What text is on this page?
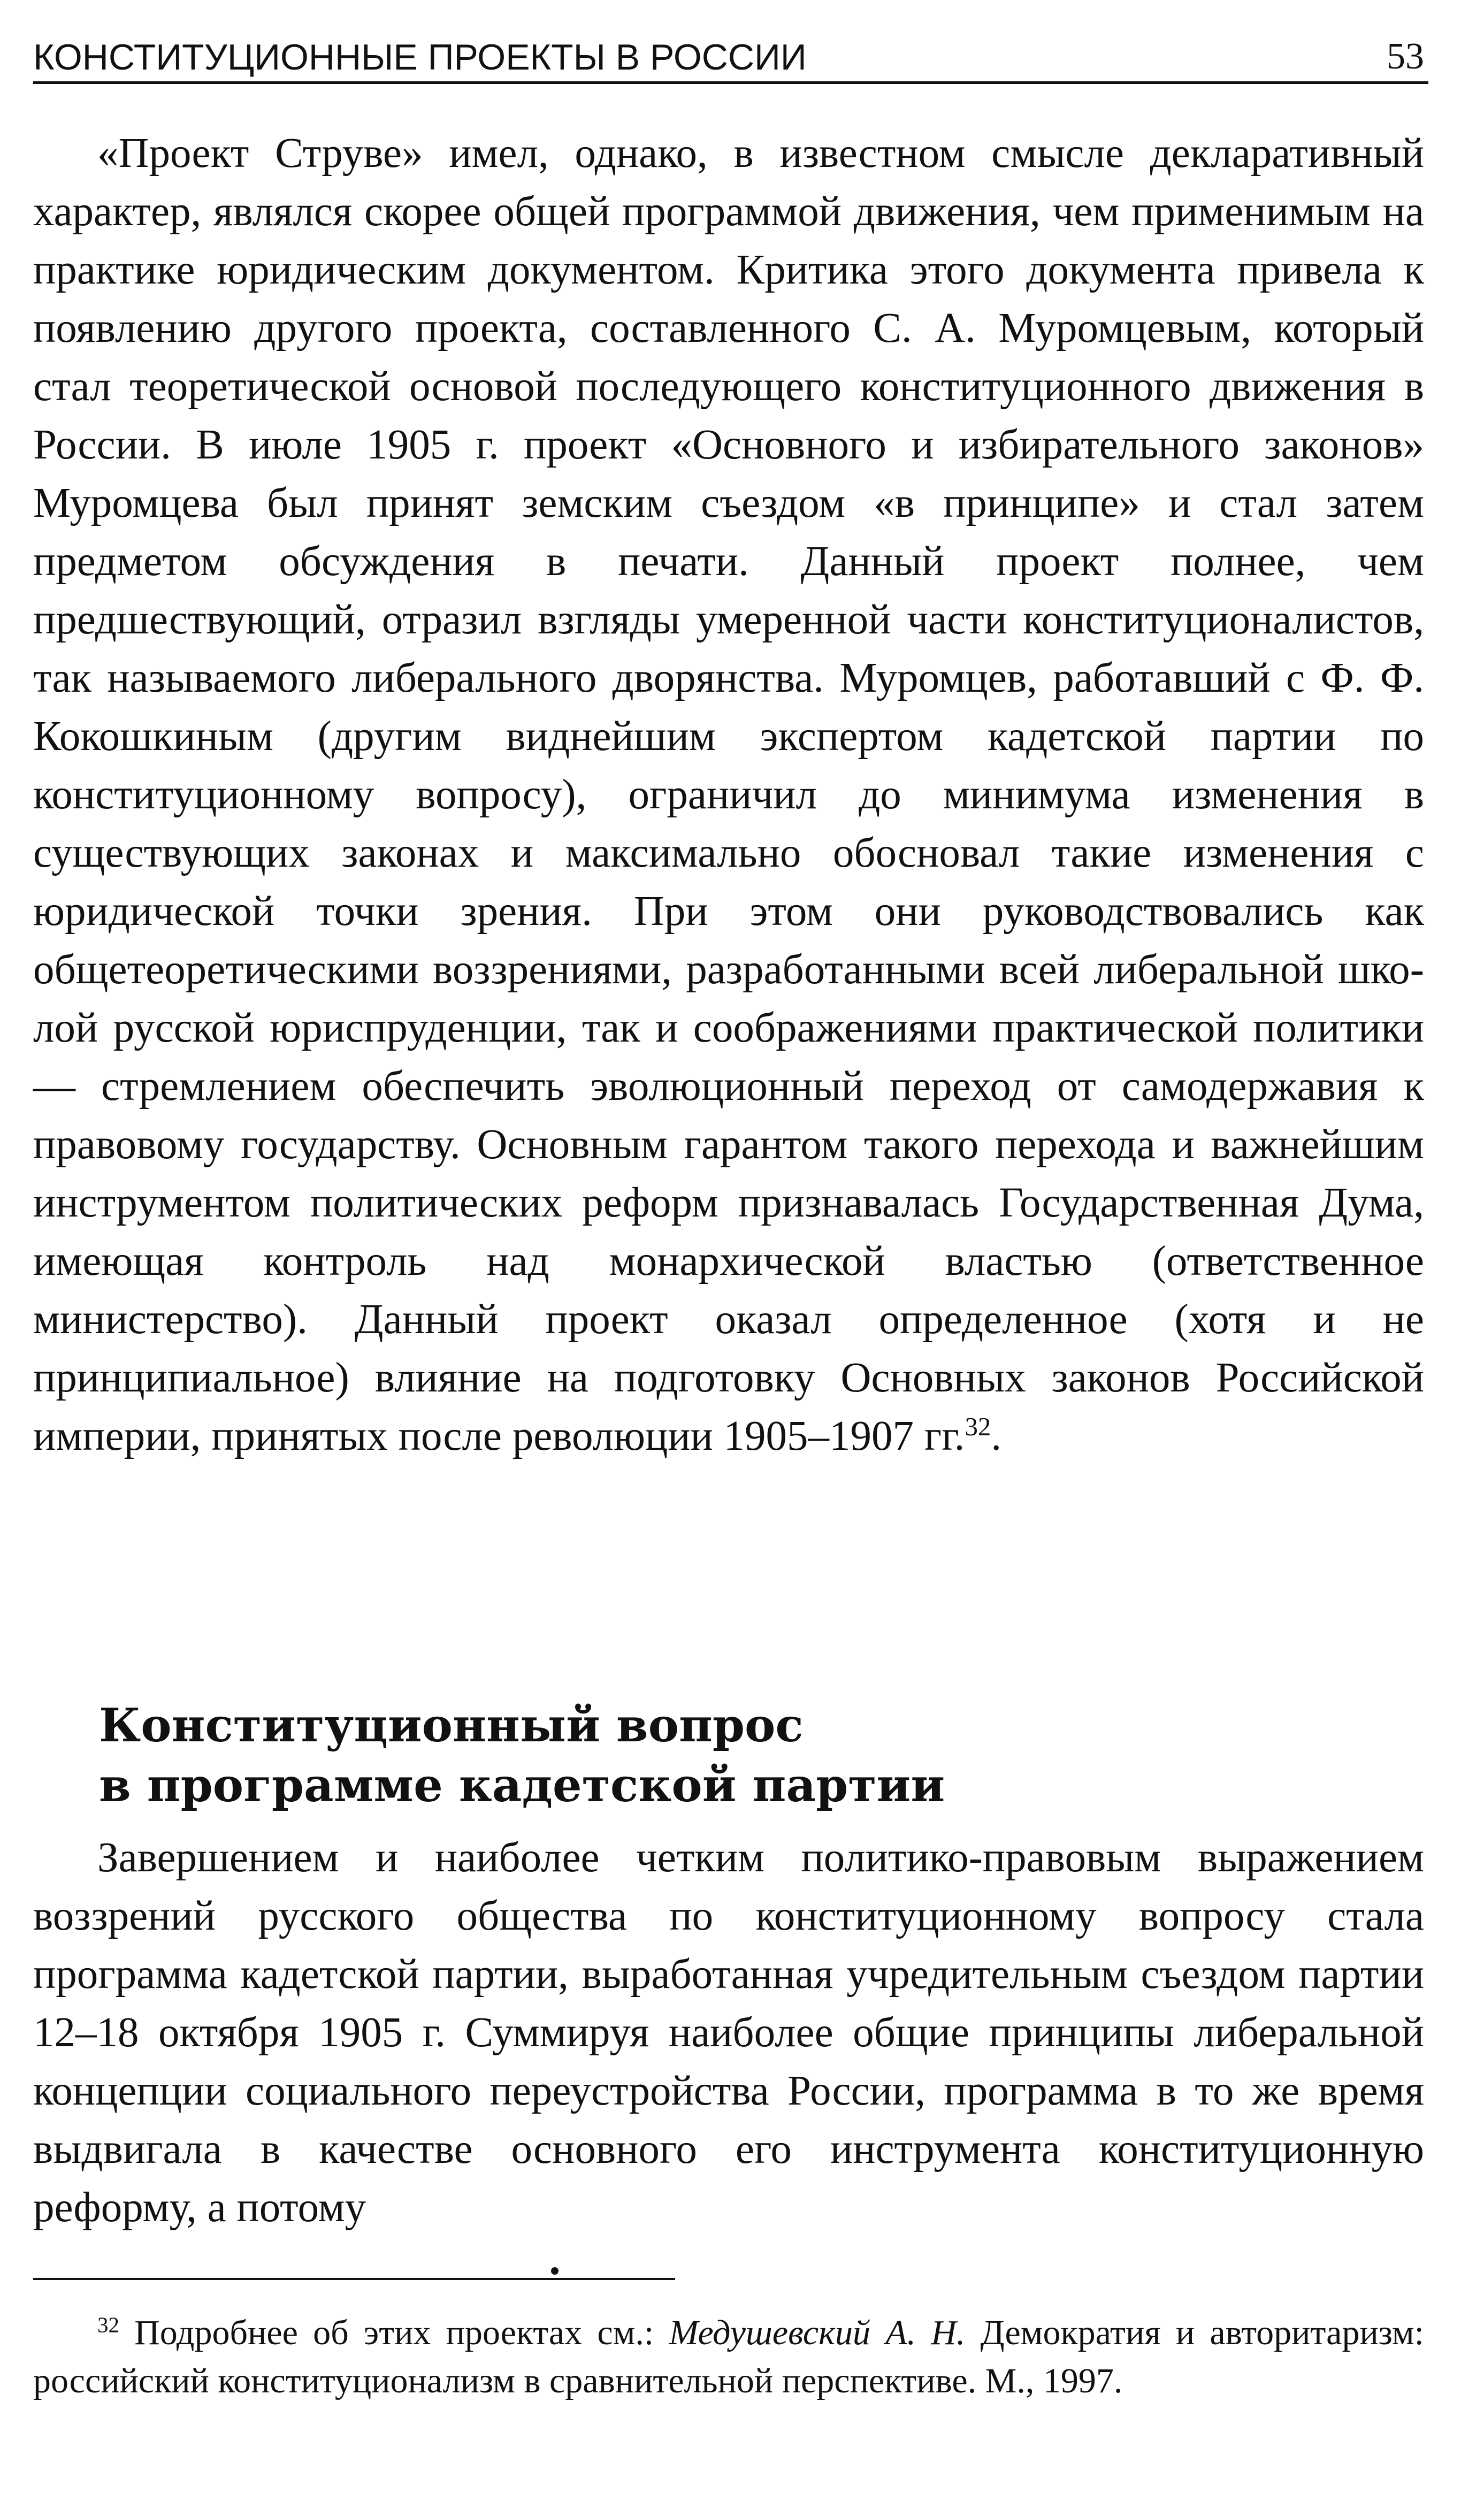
КОНСТИТУЦИОННЫЕ ПРОЕКТЫ В РОССИИ	53

«Проект Струве» имел, однако, в известном смысле декларативный характер, являлся скорее общей программой движения, чем применимым на практике юридическим документом. Критика этого документа привела к появлению другого проекта, составленного С. А. Муромцевым, который стал теоретической основой последующего конституционного движения в России. В июле 1905 г. проект «Основного и избирательного законов» Муромцева был принят земским съездом «в принципе» и стал затем предметом обсуждения в печати. Данный проект полнее, чем предшествующий, отразил взгляды умеренной части конституционалистов, так называемого либерального дворянства. Муромцев, работавший с Ф. Ф. Кокошкиным (другим виднейшим экспертом кадетской партии по конституционному вопросу), ограничил до минимума изменения в существующих законах и максимально обосновал такие изменения с юридической точки зрения. При этом они руководствовались как общетеоретическими воззрениями, разработанными всей либеральной школой русской юриспруденции, так и соображениями практической политики — стремлением обеспечить эволюционный переход от самодержавия к правовому государству. Основным гарантом такого перехода и важнейшим инструментом политических реформ признавалась Государственная Дума, имеющая контроль над монархической властью (ответственное министерство). Данный проект оказал определенное (хотя и не принципиальное) влияние на подготовку Основных законов Российской империи, принятых после революции 1905–1907 гг.$^{32}$.

Конституционный вопрос
в программе кадетской партии

Завершением и наиболее четким политико-правовым выражением воззрений русского общества по конституционному вопросу стала программа кадетской партии, выработанная учредительным съездом партии 12–18 октября 1905 г. Суммируя наиболее общие принципы либеральной концепции социального переустройства России, программа в то же время выдвигала в качестве основного его инструмента конституционную реформу, а потому

$^{32}$ Подробнее об этих проектах см.: Медушевский А. Н. Демократия и авторитаризм: российский конституционализм в сравнительной перспективе. М., 1997.
